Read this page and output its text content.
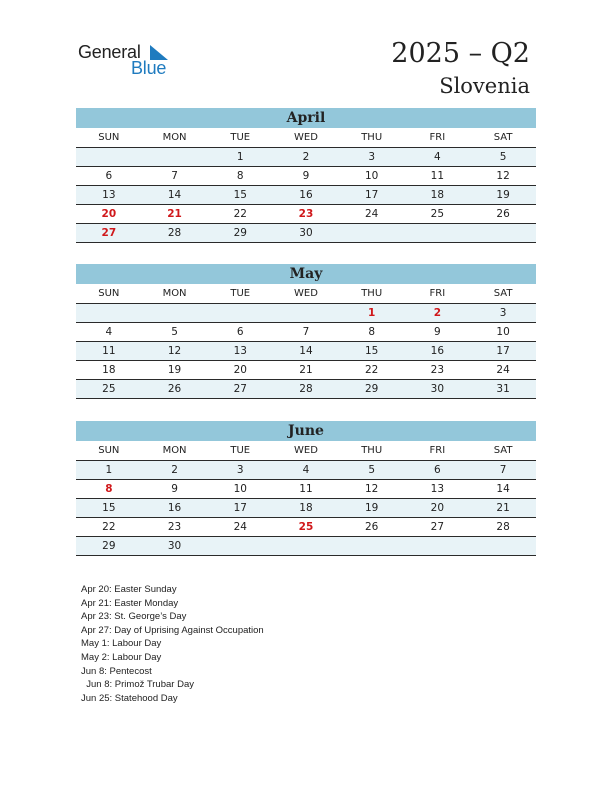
General
Blue	2025 – Q2
Slovenia
April
SUN	MON	TUE	WED	THU	FRI	SAT
		1	2	3	4	5
6	7	8	9	10	11	12
13	14	15	16	17	18	19
20	21	22	23	24	25	26
27	28	29	30			
May
SUN	MON	TUE	WED	THU	FRI	SAT
				1	2	3
4	5	6	7	8	9	10
11	12	13	14	15	16	17
18	19	20	21	22	23	24
25	26	27	28	29	30	31
June
SUN	MON	TUE	WED	THU	FRI	SAT
1	2	3	4	5	6	7
8	9	10	11	12	13	14
15	16	17	18	19	20	21
22	23	24	25	26	27	28
29	30					
Apr 20: Easter Sunday
Apr 21: Easter Monday
Apr 23: St. George’s Day
Apr 27: Day of Uprising Against Occupation
May 1: Labour Day
May 2: Labour Day
Jun 8: Pentecost
Jun 8: Primož Trubar Day
Jun 25: Statehood Day
